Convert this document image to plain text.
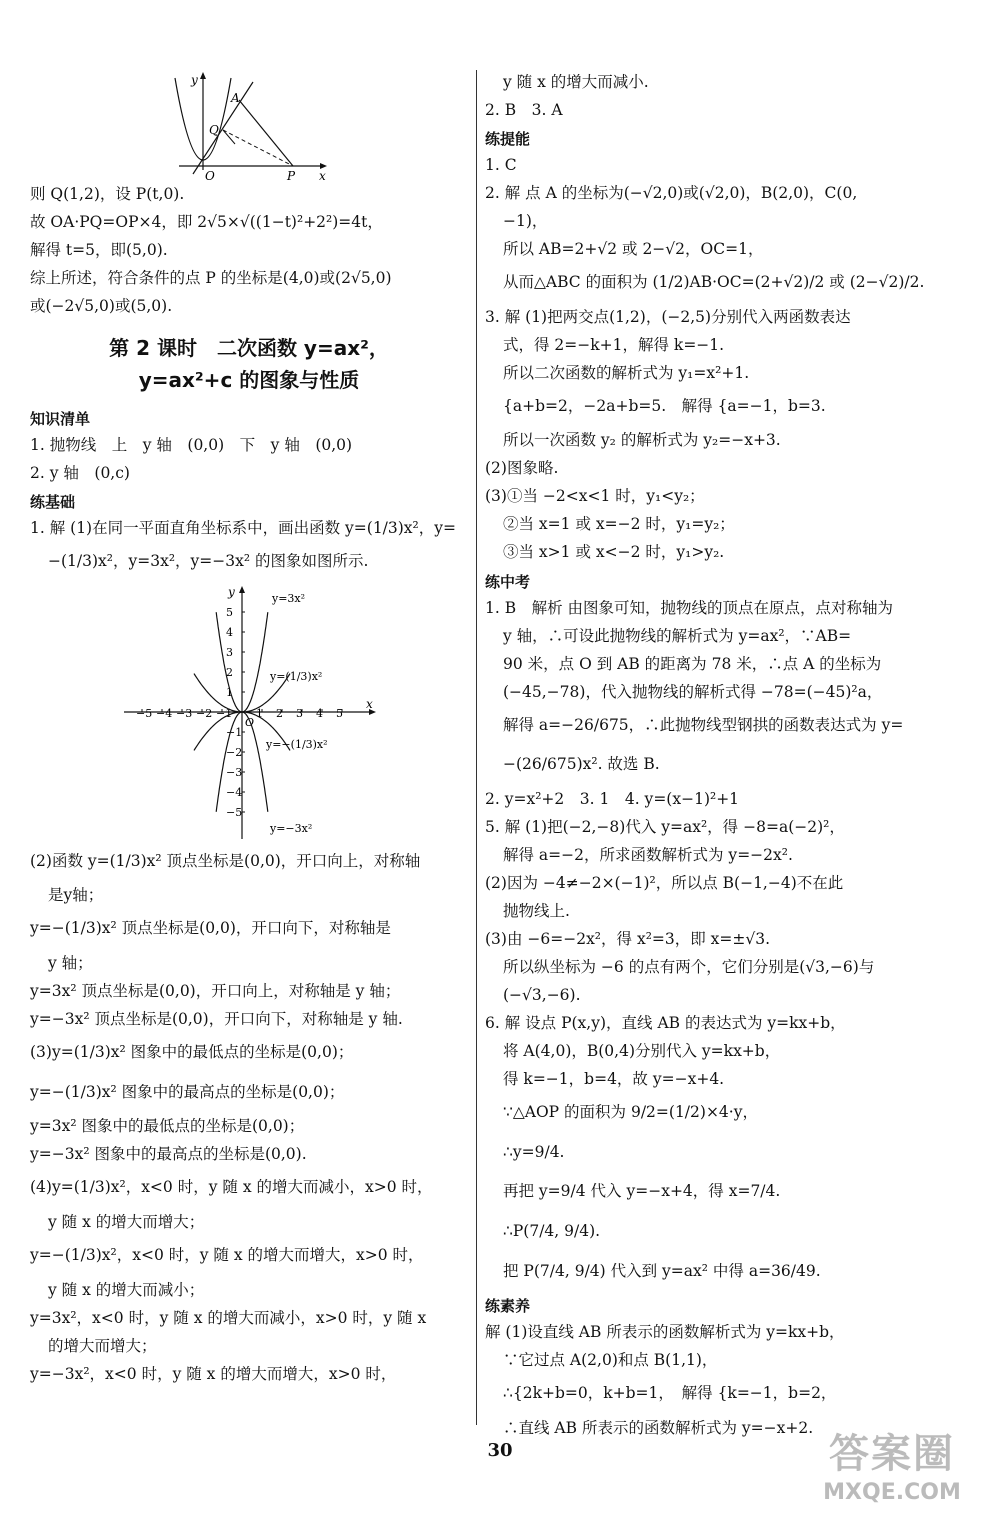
y
A
Q
O	P x
则 Q(1,2)，设 P(t,0).
故 OA·PQ=OP×4，即 2√5×√((1−t)²+2²)=4t，
解得 t=5，即(5,0).
综上所述，符合条件的点 P 的坐标是(4,0)或(2√5,0)
或(−2√5,0)或(5,0).
第 2 课时　二次函数 y=ax²，
y=ax²+c 的图象与性质
知识清单
1. 抛物线　上　y 轴　(0,0)　下　y 轴　(0,0)
2. y 轴　(0,c)
练基础
1. 解 (1)在同一平面直角坐标系中，画出函数 y=(1/3)x²，y=
−(1/3)x²，y=3x²，y=−3x² 的图象如图所示.
−5 −4 −3 −2 −1 1 2 3 4 5
5
4
3
2
1
−1
−2
−3
−4
−5
x
y
O
y=3x²
y=(1/3)x²
y=−(1/3)x²
y=−3x²
(2)函数 y=(1/3)x² 顶点坐标是(0,0)，开口向上，对称轴
是y轴；
y=−(1/3)x² 顶点坐标是(0,0)，开口向下，对称轴是
y 轴；
y=3x² 顶点坐标是(0,0)，开口向上，对称轴是 y 轴；
y=−3x² 顶点坐标是(0,0)，开口向下，对称轴是 y 轴.
(3)y=(1/3)x² 图象中的最低点的坐标是(0,0)；
y=−(1/3)x² 图象中的最高点的坐标是(0,0)；
y=3x² 图象中的最低点的坐标是(0,0)；
y=−3x² 图象中的最高点的坐标是(0,0).
(4)y=(1/3)x²，x<0 时，y 随 x 的增大而减小，x>0 时，
y 随 x 的增大而增大；
y=−(1/3)x²，x<0 时，y 随 x 的增大而增大，x>0 时，
y 随 x 的增大而减小；
y=3x²，x<0 时，y 随 x 的增大而减小，x>0 时，y 随 x
的增大而增大；
y=−3x²，x<0 时，y 随 x 的增大而增大，x>0 时，
y 随 x 的增大而减小.
2. B　3. A
练提能
1. C
2. 解 点 A 的坐标为(−√2,0)或(√2,0)，B(2,0)，C(0,
−1)，
所以 AB=2+√2 或 2−√2，OC=1，
从而△ABC 的面积为 (1/2)AB·OC=(2+√2)/2 或 (2−√2)/2.
3. 解 (1)把两交点(1,2)，(−2,5)分别代入两函数表达
式，得 2=−k+1，解得 k=−1.
所以二次函数的解析式为 y₁=x²+1.
{a+b=2，−2a+b=5.　解得 {a=−1，b=3.
所以一次函数 y₂ 的解析式为 y₂=−x+3.
(2)图象略.
(3)①当 −2<x<1 时，y₁<y₂；
②当 x=1 或 x=−2 时，y₁=y₂；
③当 x>1 或 x<−2 时，y₁>y₂.
练中考
1. B　解析 由图象可知，抛物线的顶点在原点，点对称轴为
y 轴，∴可设此抛物线的解析式为 y=ax²，∵AB=
90 米，点 O 到 AB 的距离为 78 米，∴点 A 的坐标为
(−45,−78)，代入抛物线的解析式得 −78=(−45)²a，
解得 a=−26/675，∴此抛物线型钢拱的函数表达式为 y=
−(26/675)x². 故选 B.
2. y=x²+2　3. 1　4. y=(x−1)²+1
5. 解 (1)把(−2,−8)代入 y=ax²，得 −8=a(−2)²，
解得 a=−2，所求函数解析式为 y=−2x².
(2)因为 −4≠−2×(−1)²，所以点 B(−1,−4)不在此
抛物线上.
(3)由 −6=−2x²，得 x²=3，即 x=±√3.
所以纵坐标为 −6 的点有两个，它们分别是(√3,−6)与
(−√3,−6).
6. 解 设点 P(x,y)，直线 AB 的表达式为 y=kx+b，
将 A(4,0)，B(0,4)分别代入 y=kx+b，
得 k=−1，b=4，故 y=−x+4.
∵△AOP 的面积为 9/2=(1/2)×4·y，
∴y=9/4.
再把 y=9/4 代入 y=−x+4，得 x=7/4.
∴P(7/4, 9/4).
把 P(7/4, 9/4) 代入到 y=ax² 中得 a=36/49.
练素养
解 (1)设直线 AB 所表示的函数解析式为 y=kx+b，
∵它过点 A(2,0)和点 B(1,1)，
∴{2k+b=0，k+b=1，　解得 {k=−1，b=2，
∴直线 AB 所表示的函数解析式为 y=−x+2.
30	答案圈
MXQE.COM
